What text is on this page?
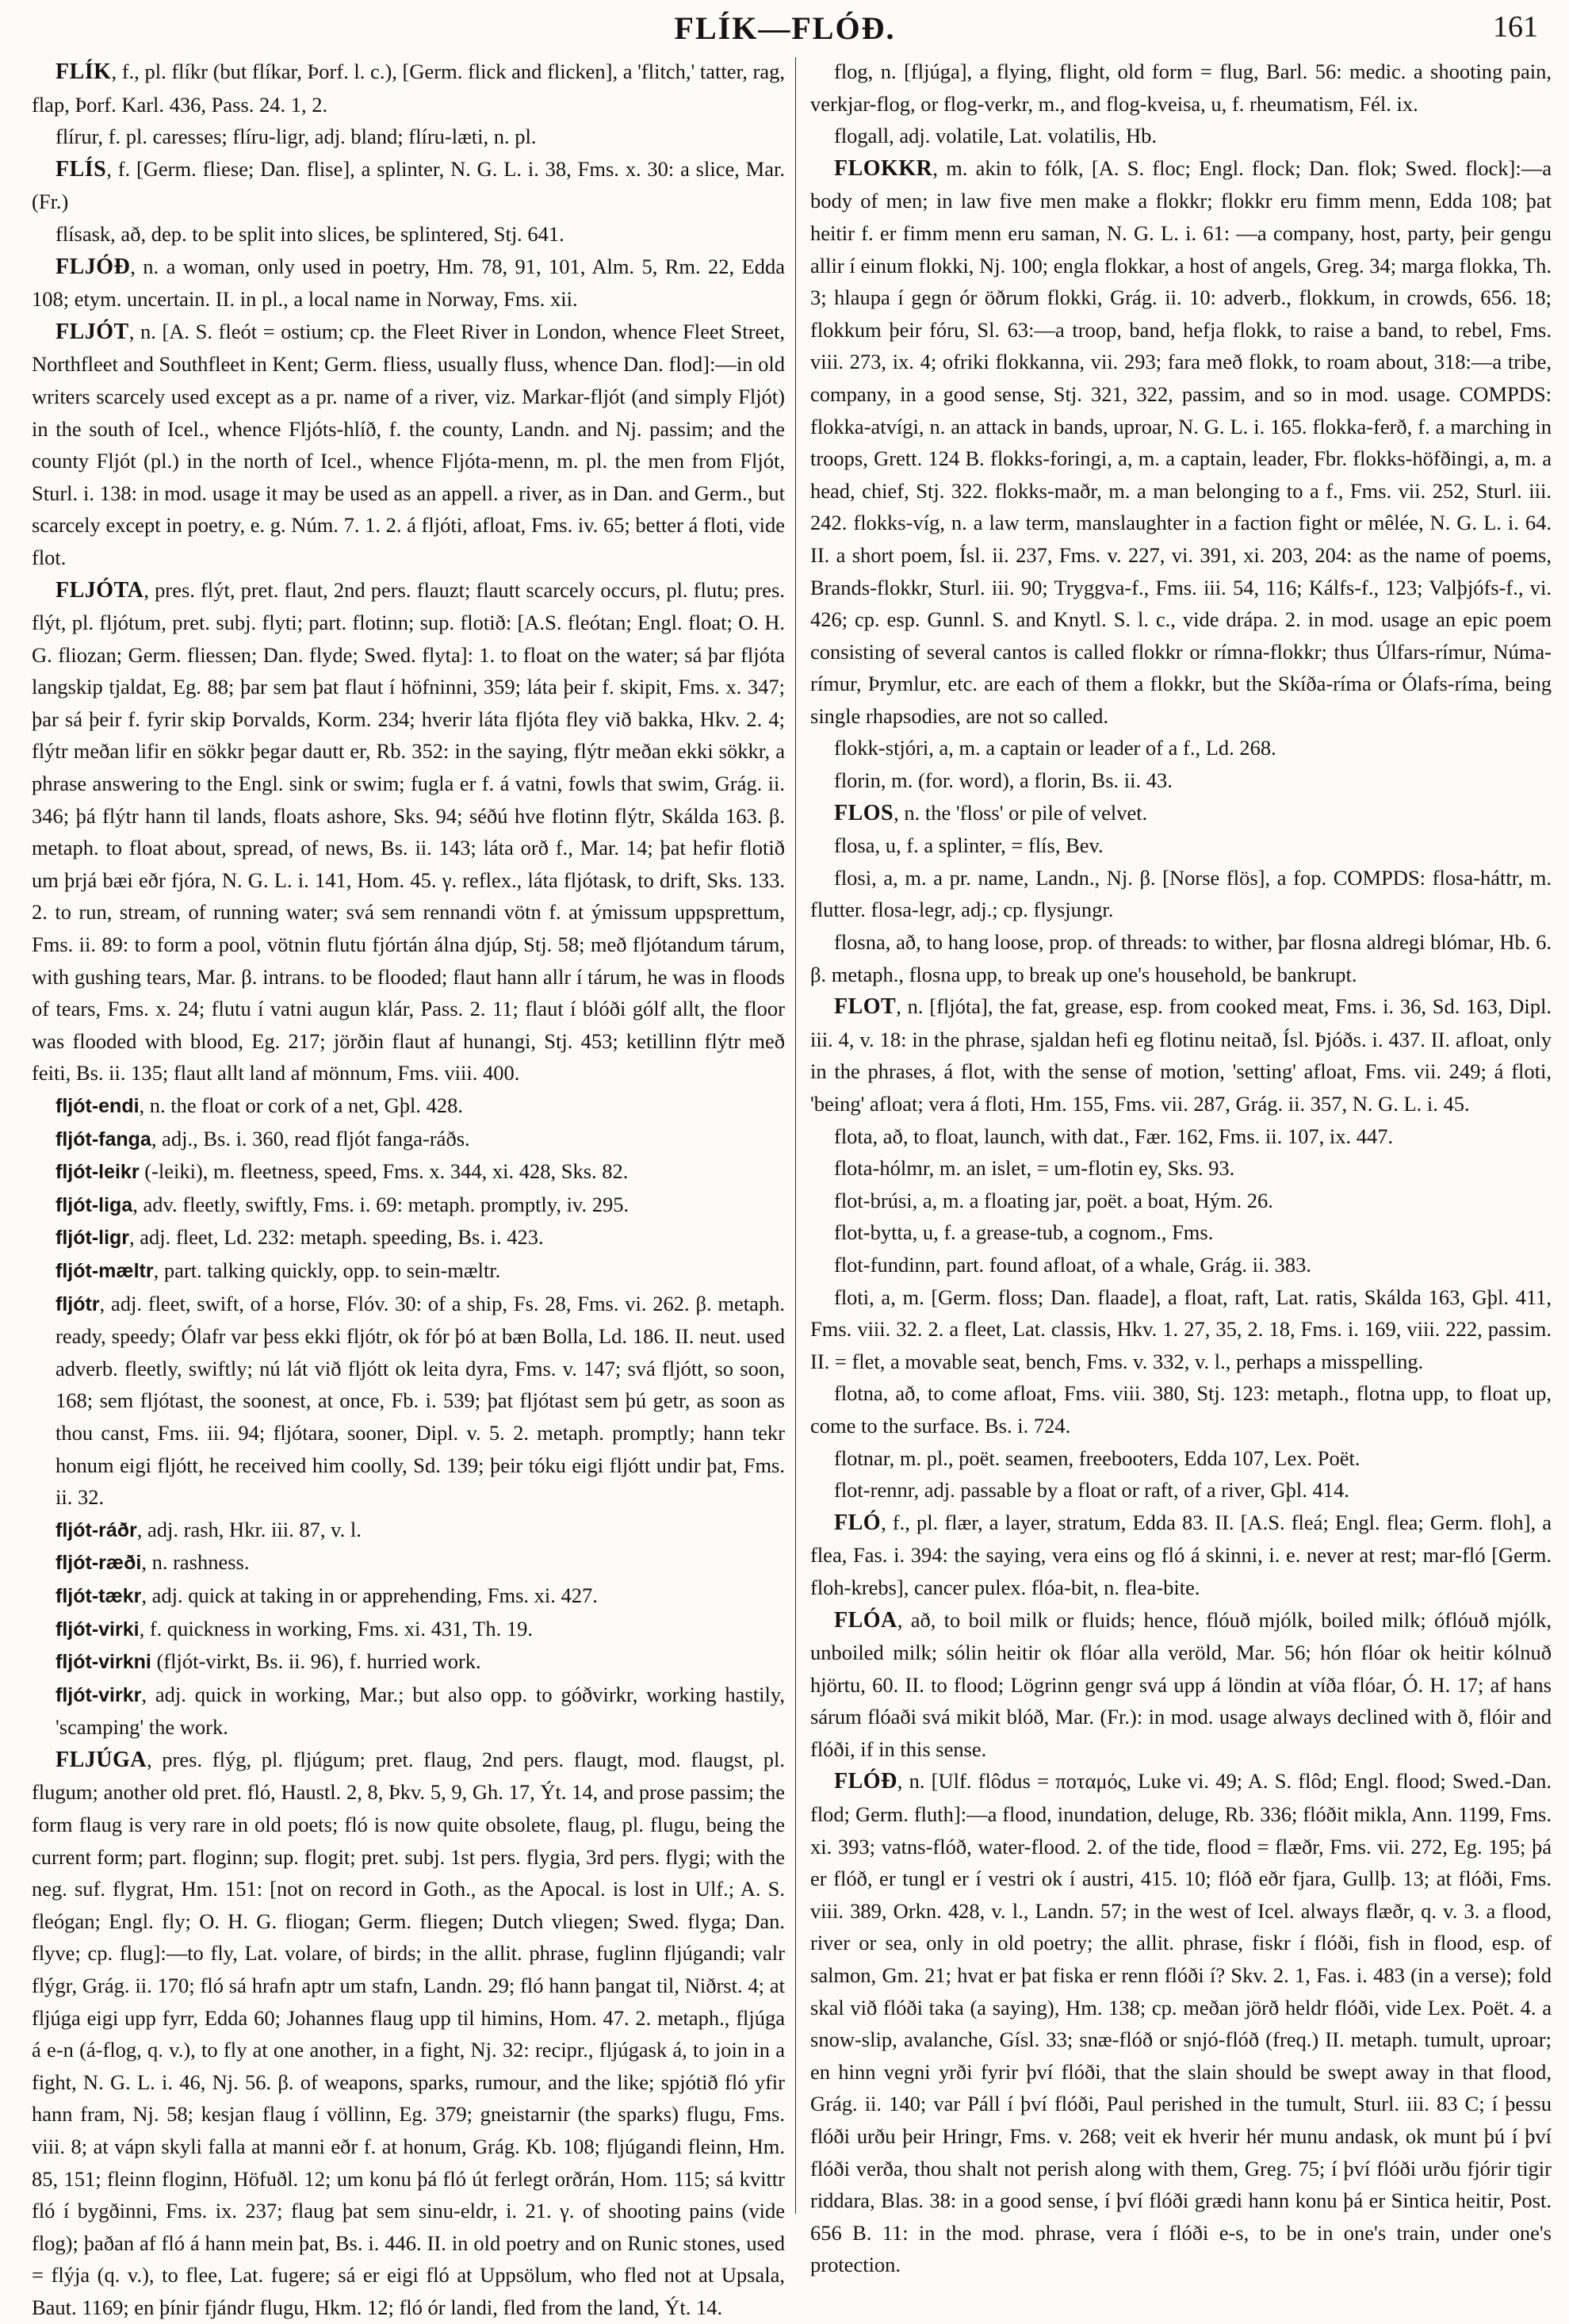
FLÍK—FLÓÐ.	161

FLÍK, f., pl. flíkr (but flíkar, Þorf. l. c.), [Germ. flick and flicken], a 'flitch,' tatter, rag, flap, Þorf. Karl. 436, Pass. 24. 1, 2.

flírur, f. pl. caresses; flíru-ligr, adj. bland; flíru-læti, n. pl.

FLÍS, f. [Germ. fliese; Dan. flise], a splinter, N. G. L. i. 38, Fms. x. 30: a slice, Mar. (Fr.)

flísask, að, dep. to be split into slices, be splintered, Stj. 641.

FLJÓÐ, n. a woman, only used in poetry, Hm. 78, 91, 101, Alm. 5, Rm. 22, Edda 108; etym. uncertain. II. in pl., a local name in Norway, Fms. xii.

FLJÓT, n. [A. S. fleót = ostium; cp. the Fleet River in London, whence Fleet Street, Northfleet and Southfleet in Kent; Germ. fliess, usually fluss, whence Dan. flod]:—in old writers scarcely used except as a pr. name of a river, viz. Markar-fljót (and simply Fljót) in the south of Icel., whence Fljóts-hlíð, f. the county, Landn. and Nj. passim; and the county Fljót (pl.) in the north of Icel., whence Fljóta-menn, m. pl. the men from Fljót, Sturl. i. 138: in mod. usage it may be used as an appell. a river, as in Dan. and Germ., but scarcely except in poetry, e. g. Núm. 7. 1. 2. á fljóti, afloat, Fms. iv. 65; better á floti, vide flot.

FLJÓTA, pres. flýt, pret. flaut, 2nd pers. flauzt; flautt scarcely occurs, pl. flutu; pres. flýt, pl. fljótum, pret. subj. flyti; part. flotinn; sup. flotið: [A.S. fleótan; Engl. float; O. H. G. fliozan; Germ. fliessen; Dan. flyde; Swed. flyta]: 1. to float on the water; sá þar fljóta langskip tjaldat, Eg. 88; þar sem þat flaut í höfninni, 359; láta þeir f. skipit, Fms. x. 347; þar sá þeir f. fyrir skip Þorvalds, Korm. 234; hverir láta fljóta fley við bakka, Hkv. 2. 4; flýtr meðan lifir en sökkr þegar dautt er, Rb. 352: in the saying, flýtr meðan ekki sökkr, a phrase answering to the Engl. sink or swim; fugla er f. á vatni, fowls that swim, Grág. ii. 346; þá flýtr hann til lands, floats ashore, Sks. 94; séðú hve flotinn flýtr, Skálda 163. β. metaph. to float about, spread, of news, Bs. ii. 143; láta orð f., Mar. 14; þat hefir flotið um þrjá bæi eðr fjóra, N. G. L. i. 141, Hom. 45. γ. reflex., láta fljótask, to drift, Sks. 133. 2. to run, stream, of running water; svá sem rennandi vötn f. at ýmissum uppsprettum, Fms. ii. 89: to form a pool, vötnin flutu fjórtán álna djúp, Stj. 58; með fljótandum tárum, with gushing tears, Mar. β. intrans. to be flooded; flaut hann allr í tárum, he was in floods of tears, Fms. x. 24; flutu í vatni augun klár, Pass. 2. 11; flaut í blóði gólf allt, the floor was flooded with blood, Eg. 217; jörðin flaut af hunangi, Stj. 453; ketillinn flýtr með feiti, Bs. ii. 135; flaut allt land af mönnum, Fms. viii. 400.

fljót-endi, n. the float or cork of a net, Gþl. 428.

fljót-fanga, adj., Bs. i. 360, read fljót fanga-ráðs.

fljót-leikr (-leiki), m. fleetness, speed, Fms. x. 344, xi. 428, Sks. 82.

fljót-liga, adv. fleetly, swiftly, Fms. i. 69: metaph. promptly, iv. 295.

fljót-ligr, adj. fleet, Ld. 232: metaph. speeding, Bs. i. 423.

fljót-mæltr, part. talking quickly, opp. to sein-mæltr.

fljótr, adj. fleet, swift, of a horse, Flóv. 30: of a ship, Fs. 28, Fms. vi. 262. β. metaph. ready, speedy; Ólafr var þess ekki fljótr, ok fór þó at bæn Bolla, Ld. 186. II. neut. used adverb. fleetly, swiftly; nú lát við fljótt ok leita dyra, Fms. v. 147; svá fljótt, so soon, 168; sem fljótast, the soonest, at once, Fb. i. 539; þat fljótast sem þú getr, as soon as thou canst, Fms. iii. 94; fljótara, sooner, Dipl. v. 5. 2. metaph. promptly; hann tekr honum eigi fljótt, he received him coolly, Sd. 139; þeir tóku eigi fljótt undir þat, Fms. ii. 32.

fljót-ráðr, adj. rash, Hkr. iii. 87, v. l.

fljót-ræði, n. rashness.

fljót-tækr, adj. quick at taking in or apprehending, Fms. xi. 427.

fljót-virki, f. quickness in working, Fms. xi. 431, Th. 19.

fljót-virkni (fljót-virkt, Bs. ii. 96), f. hurried work.

fljót-virkr, adj. quick in working, Mar.; but also opp. to góðvirkr, working hastily, 'scamping' the work.

FLJÚGA, pres. flýg, pl. fljúgum; pret. flaug, 2nd pers. flaugt, mod. flaugst, pl. flugum; another old pret. fló, Haustl. 2, 8, Þkv. 5, 9, Gh. 17, Ýt. 14, and prose passim; the form flaug is very rare in old poets; fló is now quite obsolete, flaug, pl. flugu, being the current form; part. floginn; sup. flogit; pret. subj. 1st pers. flygia, 3rd pers. flygi; with the neg. suf. flygrat, Hm. 151: [not on record in Goth., as the Apocal. is lost in Ulf.; A. S. fleógan; Engl. fly; O. H. G. fliogan; Germ. fliegen; Dutch vliegen; Swed. flyga; Dan. flyve; cp. flug]:—to fly, Lat. volare, of birds; in the allit. phrase, fuglinn fljúgandi; valr flýgr, Grág. ii. 170; fló sá hrafn aptr um stafn, Landn. 29; fló hann þangat til, Niðrst. 4; at fljúga eigi upp fyrr, Edda 60; Johannes flaug upp til himins, Hom. 47. 2. metaph., fljúga á e-n (á-flog, q. v.), to fly at one another, in a fight, Nj. 32: recipr., fljúgask á, to join in a fight, N. G. L. i. 46, Nj. 56. β. of weapons, sparks, rumour, and the like; spjótið fló yfir hann fram, Nj. 58; kesjan flaug í völlinn, Eg. 379; gneistarnir (the sparks) flugu, Fms. viii. 8; at vápn skyli falla at manni eðr f. at honum, Grág. Kb. 108; fljúgandi fleinn, Hm. 85, 151; fleinn floginn, Höfuðl. 12; um konu þá fló út ferlegt orðrán, Hom. 115; sá kvittr fló í bygðinni, Fms. ix. 237; flaug þat sem sinu-eldr, i. 21. γ. of shooting pains (vide flog); þaðan af fló á hann mein þat, Bs. i. 446. II. in old poetry and on Runic stones, used = flýja (q. v.), to flee, Lat. fugere; sá er eigi fló at Uppsölum, who fled not at Upsala, Baut. 1169; en þínir fjándr flugu, Hkm. 12; fló ór landi, fled from the land, Ýt. 14.

flog, n. [fljúga], a flying, flight, old form = flug, Barl. 56: medic. a shooting pain, verkjar-flog, or flog-verkr, m., and flog-kveisa, u, f. rheumatism, Fél. ix.

flogall, adj. volatile, Lat. volatilis, Hb.

FLOKKR, m. akin to fólk, [A. S. floc; Engl. flock; Dan. flok; Swed. flock]:—a body of men; in law five men make a flokkr; flokkr eru fimm menn, Edda 108; þat heitir f. er fimm menn eru saman, N. G. L. i. 61: —a company, host, party, þeir gengu allir í einum flokki, Nj. 100; engla flokkar, a host of angels, Greg. 34; marga flokka, Th. 3; hlaupa í gegn ór öðrum flokki, Grág. ii. 10: adverb., flokkum, in crowds, 656. 18; flokkum þeir fóru, Sl. 63:—a troop, band, hefja flokk, to raise a band, to rebel, Fms. viii. 273, ix. 4; ofriki flokkanna, vii. 293; fara með flokk, to roam about, 318:—a tribe, company, in a good sense, Stj. 321, 322, passim, and so in mod. usage. COMPDS: flokka-atvígi, n. an attack in bands, uproar, N. G. L. i. 165. flokka-ferð, f. a marching in troops, Grett. 124 B. flokks-foringi, a, m. a captain, leader, Fbr. flokks-höfðingi, a, m. a head, chief, Stj. 322. flokks-maðr, m. a man belonging to a f., Fms. vii. 252, Sturl. iii. 242. flokks-víg, n. a law term, manslaughter in a faction fight or mêlée, N. G. L. i. 64. II. a short poem, Ísl. ii. 237, Fms. v. 227, vi. 391, xi. 203, 204: as the name of poems, Brands-flokkr, Sturl. iii. 90; Tryggva-f., Fms. iii. 54, 116; Kálfs-f., 123; Valþjófs-f., vi. 426; cp. esp. Gunnl. S. and Knytl. S. l. c., vide drápa. 2. in mod. usage an epic poem consisting of several cantos is called flokkr or rímna-flokkr; thus Úlfars-rímur, Núma-rímur, Þrymlur, etc. are each of them a flokkr, but the Skíða-ríma or Ólafs-ríma, being single rhapsodies, are not so called.

flokk-stjóri, a, m. a captain or leader of a f., Ld. 268.

florin, m. (for. word), a florin, Bs. ii. 43.

FLOS, n. the 'floss' or pile of velvet.

flosa, u, f. a splinter, = flís, Bev.

flosi, a, m. a pr. name, Landn., Nj. β. [Norse flös], a fop. COMPDS: flosa-háttr, m. flutter. flosa-legr, adj.; cp. flysjungr.

flosna, að, to hang loose, prop. of threads: to wither, þar flosna aldregi blómar, Hb. 6. β. metaph., flosna upp, to break up one's household, be bankrupt.

FLOT, n. [fljóta], the fat, grease, esp. from cooked meat, Fms. i. 36, Sd. 163, Dipl. iii. 4, v. 18: in the phrase, sjaldan hefi eg flotinu neitað, Ísl. Þjóðs. i. 437. II. afloat, only in the phrases, á flot, with the sense of motion, 'setting' afloat, Fms. vii. 249; á floti, 'being' afloat; vera á floti, Hm. 155, Fms. vii. 287, Grág. ii. 357, N. G. L. i. 45.

flota, að, to float, launch, with dat., Fær. 162, Fms. ii. 107, ix. 447.

flota-hólmr, m. an islet, = um-flotin ey, Sks. 93.

flot-brúsi, a, m. a floating jar, poët. a boat, Hým. 26.

flot-bytta, u, f. a grease-tub, a cognom., Fms.

flot-fundinn, part. found afloat, of a whale, Grág. ii. 383.

floti, a, m. [Germ. floss; Dan. flaade], a float, raft, Lat. ratis, Skálda 163, Gþl. 411, Fms. viii. 32. 2. a fleet, Lat. classis, Hkv. 1. 27, 35, 2. 18, Fms. i. 169, viii. 222, passim. II. = flet, a movable seat, bench, Fms. v. 332, v. l., perhaps a misspelling.

flotna, að, to come afloat, Fms. viii. 380, Stj. 123: metaph., flotna upp, to float up, come to the surface. Bs. i. 724.

flotnar, m. pl., poët. seamen, freebooters, Edda 107, Lex. Poët.

flot-rennr, adj. passable by a float or raft, of a river, Gþl. 414.

FLÓ, f., pl. flær, a layer, stratum, Edda 83. II. [A.S. fleá; Engl. flea; Germ. floh], a flea, Fas. i. 394: the saying, vera eins og fló á skinni, i. e. never at rest; mar-fló [Germ. floh-krebs], cancer pulex. flóa-bit, n. flea-bite.

FLÓA, að, to boil milk or fluids; hence, flóuð mjólk, boiled milk; óflóuð mjólk, unboiled milk; sólin heitir ok flóar alla veröld, Mar. 56; hón flóar ok heitir kólnuð hjörtu, 60. II. to flood; Lögrinn gengr svá upp á löndin at víða flóar, Ó. H. 17; af hans sárum flóaði svá mikit blóð, Mar. (Fr.): in mod. usage always declined with ð, flóir and flóði, if in this sense.

FLÓÐ, n. [Ulf. flôdus = ποταμός, Luke vi. 49; A. S. flôd; Engl. flood; Swed.-Dan. flod; Germ. fluth]:—a flood, inundation, deluge, Rb. 336; flóðit mikla, Ann. 1199, Fms. xi. 393; vatns-flóð, water-flood. 2. of the tide, flood = flæðr, Fms. vii. 272, Eg. 195; þá er flóð, er tungl er í vestri ok í austri, 415. 10; flóð eðr fjara, Gullþ. 13; at flóði, Fms. viii. 389, Orkn. 428, v. l., Landn. 57; in the west of Icel. always flæðr, q. v. 3. a flood, river or sea, only in old poetry; the allit. phrase, fiskr í flóði, fish in flood, esp. of salmon, Gm. 21; hvat er þat fiska er renn flóði í? Skv. 2. 1, Fas. i. 483 (in a verse); fold skal við flóði taka (a saying), Hm. 138; cp. meðan jörð heldr flóði, vide Lex. Poët. 4. a snow-slip, avalanche, Gísl. 33; snæ-flóð or snjó-flóð (freq.) II. metaph. tumult, uproar; en hinn vegni yrði fyrir því flóði, that the slain should be swept away in that flood, Grág. ii. 140; var Páll í því flóði, Paul perished in the tumult, Sturl. iii. 83 C; í þessu flóði urðu þeir Hringr, Fms. v. 268; veit ek hverir hér munu andask, ok munt þú í því flóði verða, thou shalt not perish along with them, Greg. 75; í því flóði urðu fjórir tigir riddara, Blas. 38: in a good sense, í því flóði grædi hann konu þá er Sintica heitir, Post. 656 B. 11: in the mod. phrase, vera í flóði e-s, to be in one's train, under one's protection.
